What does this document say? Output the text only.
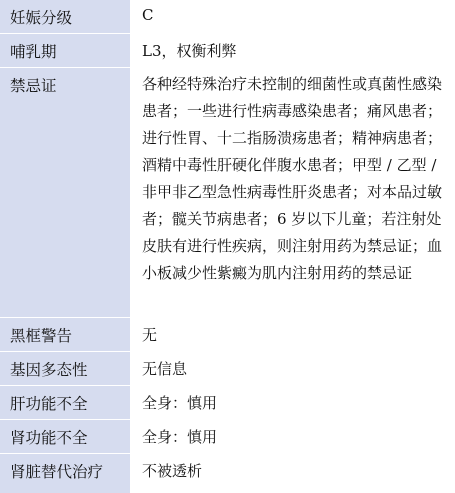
妊娠分级	C
哺乳期	L3，权衡利弊
禁忌证	各种经特殊治疗未控制的细菌性或真菌性感染患者；一些进行性病毒感染患者；痛风患者；进行性胃、十二指肠溃疡患者；精神病患者；酒精中毒性肝硬化伴腹水患者；甲型 / 乙型 / 非甲非乙型急性病毒性肝炎患者；对本品过敏者；髋关节病患者；6 岁以下儿童；若注射处皮肤有进行性疾病，则注射用药为禁忌证；血小板减少性紫癜为肌内注射用药的禁忌证
黑框警告	无
基因多态性	无信息
肝功能不全	全身：慎用
肾功能不全	全身：慎用
肾脏替代治疗	不被透析
